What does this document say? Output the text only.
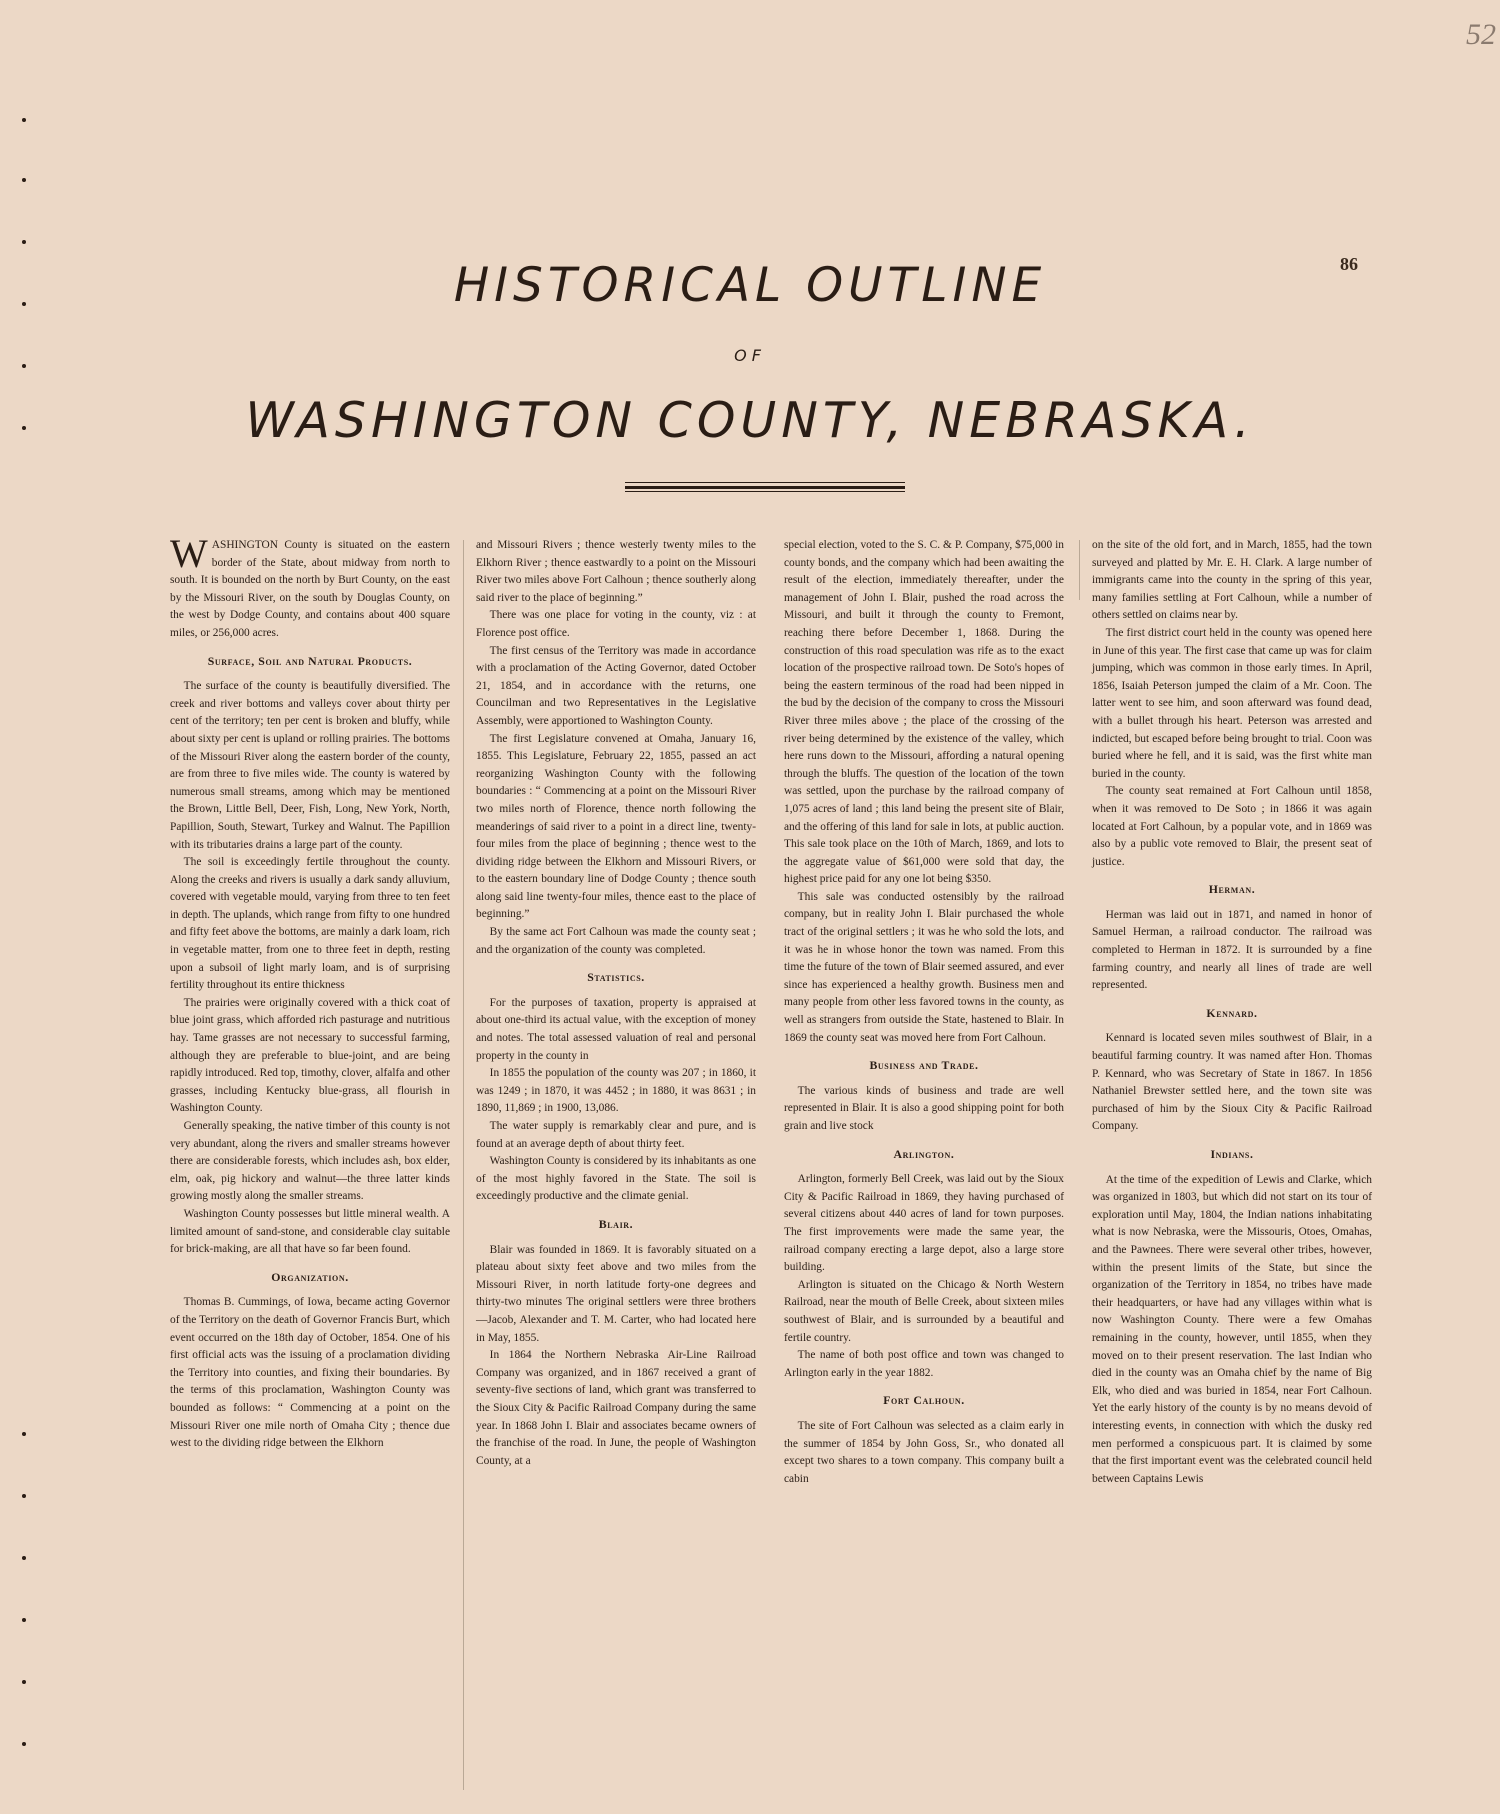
52
86
HISTORICAL OUTLINE
OF
WASHINGTON COUNTY, NEBRASKA.

WASHINGTON County is situated on the eastern border of the State, about midway from north to south. It is bounded on the north by Burt County, on the east by the Missouri River, on the south by Douglas County, on the west by Dodge County, and contains about 400 square miles, or 256,000 acres.

Surface, Soil and Natural Products.

The surface of the county is beautifully diversified. The creek and river bottoms and valleys cover about thirty per cent of the territory; ten per cent is broken and bluffy, while about sixty per cent is upland or rolling prairies. The bottoms of the Missouri River along the eastern border of the county, are from three to five miles wide. The county is watered by numerous small streams, among which may be mentioned the Brown, Little Bell, Deer, Fish, Long, New York, North, Papillion, South, Stewart, Turkey and Walnut. The Papillion with its tributaries drains a large part of the county.

The soil is exceedingly fertile throughout the county. Along the creeks and rivers is usually a dark sandy alluvium, covered with vegetable mould, varying from three to ten feet in depth. The uplands, which range from fifty to one hundred and fifty feet above the bottoms, are mainly a dark loam, rich in vegetable matter, from one to three feet in depth, resting upon a subsoil of light marly loam, and is of surprising fertility throughout its entire thickness

The prairies were originally covered with a thick coat of blue joint grass, which afforded rich pasturage and nutritious hay. Tame grasses are not necessary to successful farming, although they are preferable to blue-joint, and are being rapidly introduced. Red top, timothy, clover, alfalfa and other grasses, including Kentucky blue-grass, all flourish in Washington County.

Generally speaking, the native timber of this county is not very abundant, along the rivers and smaller streams however there are considerable forests, which includes ash, box elder, elm, oak, pig hickory and walnut—the three latter kinds growing mostly along the smaller streams.

Washington County possesses but little mineral wealth. A limited amount of sand-stone, and considerable clay suitable for brick-making, are all that have so far been found.

Organization.

Thomas B. Cummings, of Iowa, became acting Governor of the Territory on the death of Governor Francis Burt, which event occurred on the 18th day of October, 1854. One of his first official acts was the issuing of a proclamation dividing the Territory into counties, and fixing their boundaries. By the terms of this proclamation, Washington County was bounded as follows: “ Commencing at a point on the Missouri River one mile north of Omaha City ; thence due west to the dividing ridge between the Elkhorn

and Missouri Rivers ; thence westerly twenty miles to the Elkhorn River ; thence eastwardly to a point on the Missouri River two miles above Fort Calhoun ; thence southerly along said river to the place of beginning.”

There was one place for voting in the county, viz : at Florence post office.

The first census of the Territory was made in accordance with a proclamation of the Acting Governor, dated October 21, 1854, and in accordance with the returns, one Councilman and two Representatives in the Legislative Assembly, were apportioned to Washington County.

The first Legislature convened at Omaha, January 16, 1855. This Legislature, February 22, 1855, passed an act reorganizing Washington County with the following boundaries : “ Commencing at a point on the Missouri River two miles north of Florence, thence north following the meanderings of said river to a point in a direct line, twenty-four miles from the place of beginning ; thence west to the dividing ridge between the Elkhorn and Missouri Rivers, or to the eastern boundary line of Dodge County ; thence south along said line twenty-four miles, thence east to the place of beginning.”

By the same act Fort Calhoun was made the county seat ; and the organization of the county was completed.

Statistics.

For the purposes of taxation, property is appraised at about one-third its actual value, with the exception of money and notes. The total assessed valuation of real and personal property in the county in

In 1855 the population of the county was 207 ; in 1860, it was 1249 ; in 1870, it was 4452 ; in 1880, it was 8631 ; in 1890, 11,869 ; in 1900, 13,086.

The water supply is remarkably clear and pure, and is found at an average depth of about thirty feet.

Washington County is considered by its inhabitants as one of the most highly favored in the State. The soil is exceedingly productive and the climate genial.

Blair.

Blair was founded in 1869. It is favorably situated on a plateau about sixty feet above and two miles from the Missouri River, in north latitude forty-one degrees and thirty-two minutes The original settlers were three brothers—Jacob, Alexander and T. M. Carter, who had located here in May, 1855.

In 1864 the Northern Nebraska Air-Line Railroad Company was organized, and in 1867 received a grant of seventy-five sections of land, which grant was transferred to the Sioux City & Pacific Railroad Company during the same year. In 1868 John I. Blair and associates became owners of the franchise of the road. In June, the people of Washington County, at a

special election, voted to the S. C. & P. Company, $75,000 in county bonds, and the company which had been awaiting the result of the election, immediately thereafter, under the management of John I. Blair, pushed the road across the Missouri, and built it through the county to Fremont, reaching there before December 1, 1868. During the construction of this road speculation was rife as to the exact location of the prospective railroad town. De Soto's hopes of being the eastern terminous of the road had been nipped in the bud by the decision of the company to cross the Missouri River three miles above ; the place of the crossing of the river being determined by the existence of the valley, which here runs down to the Missouri, affording a natural opening through the bluffs. The question of the location of the town was settled, upon the purchase by the railroad company of 1,075 acres of land ; this land being the present site of Blair, and the offering of this land for sale in lots, at public auction. This sale took place on the 10th of March, 1869, and lots to the aggregate value of $61,000 were sold that day, the highest price paid for any one lot being $350.

This sale was conducted ostensibly by the railroad company, but in reality John I. Blair purchased the whole tract of the original settlers ; it was he who sold the lots, and it was he in whose honor the town was named. From this time the future of the town of Blair seemed assured, and ever since has experienced a healthy growth. Business men and many people from other less favored towns in the county, as well as strangers from outside the State, hastened to Blair. In 1869 the county seat was moved here from Fort Calhoun.

Business and Trade.

The various kinds of business and trade are well represented in Blair. It is also a good shipping point for both grain and live stock

Arlington.

Arlington, formerly Bell Creek, was laid out by the Sioux City & Pacific Railroad in 1869, they having purchased of several citizens about 440 acres of land for town purposes. The first improvements were made the same year, the railroad company erecting a large depot, also a large store building.

Arlington is situated on the Chicago & North Western Railroad, near the mouth of Belle Creek, about sixteen miles southwest of Blair, and is surrounded by a beautiful and fertile country.

The name of both post office and town was changed to Arlington early in the year 1882.

Fort Calhoun.

The site of Fort Calhoun was selected as a claim early in the summer of 1854 by John Goss, Sr., who donated all except two shares to a town company. This company built a cabin

on the site of the old fort, and in March, 1855, had the town surveyed and platted by Mr. E. H. Clark. A large number of immigrants came into the county in the spring of this year, many families settling at Fort Calhoun, while a number of others settled on claims near by.

The first district court held in the county was opened here in June of this year. The first case that came up was for claim jumping, which was common in those early times. In April, 1856, Isaiah Peterson jumped the claim of a Mr. Coon. The latter went to see him, and soon afterward was found dead, with a bullet through his heart. Peterson was arrested and indicted, but escaped before being brought to trial. Coon was buried where he fell, and it is said, was the first white man buried in the county.

The county seat remained at Fort Calhoun until 1858, when it was removed to De Soto ; in 1866 it was again located at Fort Calhoun, by a popular vote, and in 1869 was also by a public vote removed to Blair, the present seat of justice.

Herman.

Herman was laid out in 1871, and named in honor of Samuel Herman, a railroad conductor. The railroad was completed to Herman in 1872. It is surrounded by a fine farming country, and nearly all lines of trade are well represented.

Kennard.

Kennard is located seven miles southwest of Blair, in a beautiful farming country. It was named after Hon. Thomas P. Kennard, who was Secretary of State in 1867. In 1856 Nathaniel Brewster settled here, and the town site was purchased of him by the Sioux City & Pacific Railroad Company.

Indians.

At the time of the expedition of Lewis and Clarke, which was organized in 1803, but which did not start on its tour of exploration until May, 1804, the Indian nations inhabitating what is now Nebraska, were the Missouris, Otoes, Omahas, and the Pawnees. There were several other tribes, however, within the present limits of the State, but since the organization of the Territory in 1854, no tribes have made their headquarters, or have had any villages within what is now Washington County. There were a few Omahas remaining in the county, however, until 1855, when they moved on to their present reservation. The last Indian who died in the county was an Omaha chief by the name of Big Elk, who died and was buried in 1854, near Fort Calhoun. Yet the early history of the county is by no means devoid of interesting events, in connection with which the dusky red men performed a conspicuous part. It is claimed by some that the first important event was the celebrated council held between Captains Lewis
